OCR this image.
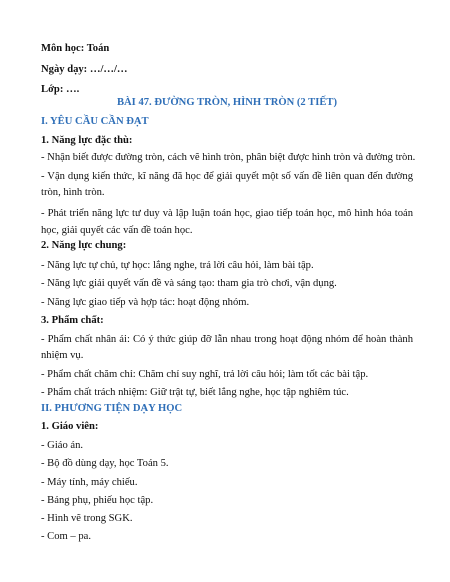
Môn học: Toán
Ngày dạy: …/…/…
Lớp: ….
BÀI 47. ĐƯỜNG TRÒN, HÌNH TRÒN (2 TIẾT)
I. YÊU CẦU CẦN ĐẠT
1. Năng lực đặc thù:
- Nhận biết được đường tròn, cách vẽ hình tròn, phân biệt được hình tròn và đường tròn.
- Vận dụng kiến thức, kĩ năng đã học để giải quyết một số vấn đề liên quan đến đường
tròn, hình tròn.
- Phát triển năng lực tư duy và lập luận toán học, giao tiếp toán học, mô hình hóa toán
học, giải quyết các vấn đề toán học.
2. Năng lực chung:
- Năng lực tự chủ, tự học: lắng nghe, trả lời câu hỏi, làm bài tập.
- Năng lực giải quyết vấn đề và sáng tạo: tham gia trò chơi, vận dụng.
- Năng lực giao tiếp và hợp tác: hoạt động nhóm.
3. Phẩm chất:
- Phẩm chất nhân ái: Có ý thức giúp đỡ lẫn nhau trong hoạt động nhóm để hoàn thành
nhiệm vụ.
- Phẩm chất chăm chỉ: Chăm chỉ suy nghĩ, trả lời câu hỏi; làm tốt các bài tập.
- Phẩm chất trách nhiệm: Giữ trật tự, biết lắng nghe, học tập nghiêm túc.
II. PHƯƠNG TIỆN DẠY HỌC
1. Giáo viên:
- Giáo án.
- Bộ đồ dùng dạy, học Toán 5.
- Máy tính, máy chiếu.
- Bảng phụ, phiếu học tập.
- Hình vẽ trong SGK.
- Com – pa.
